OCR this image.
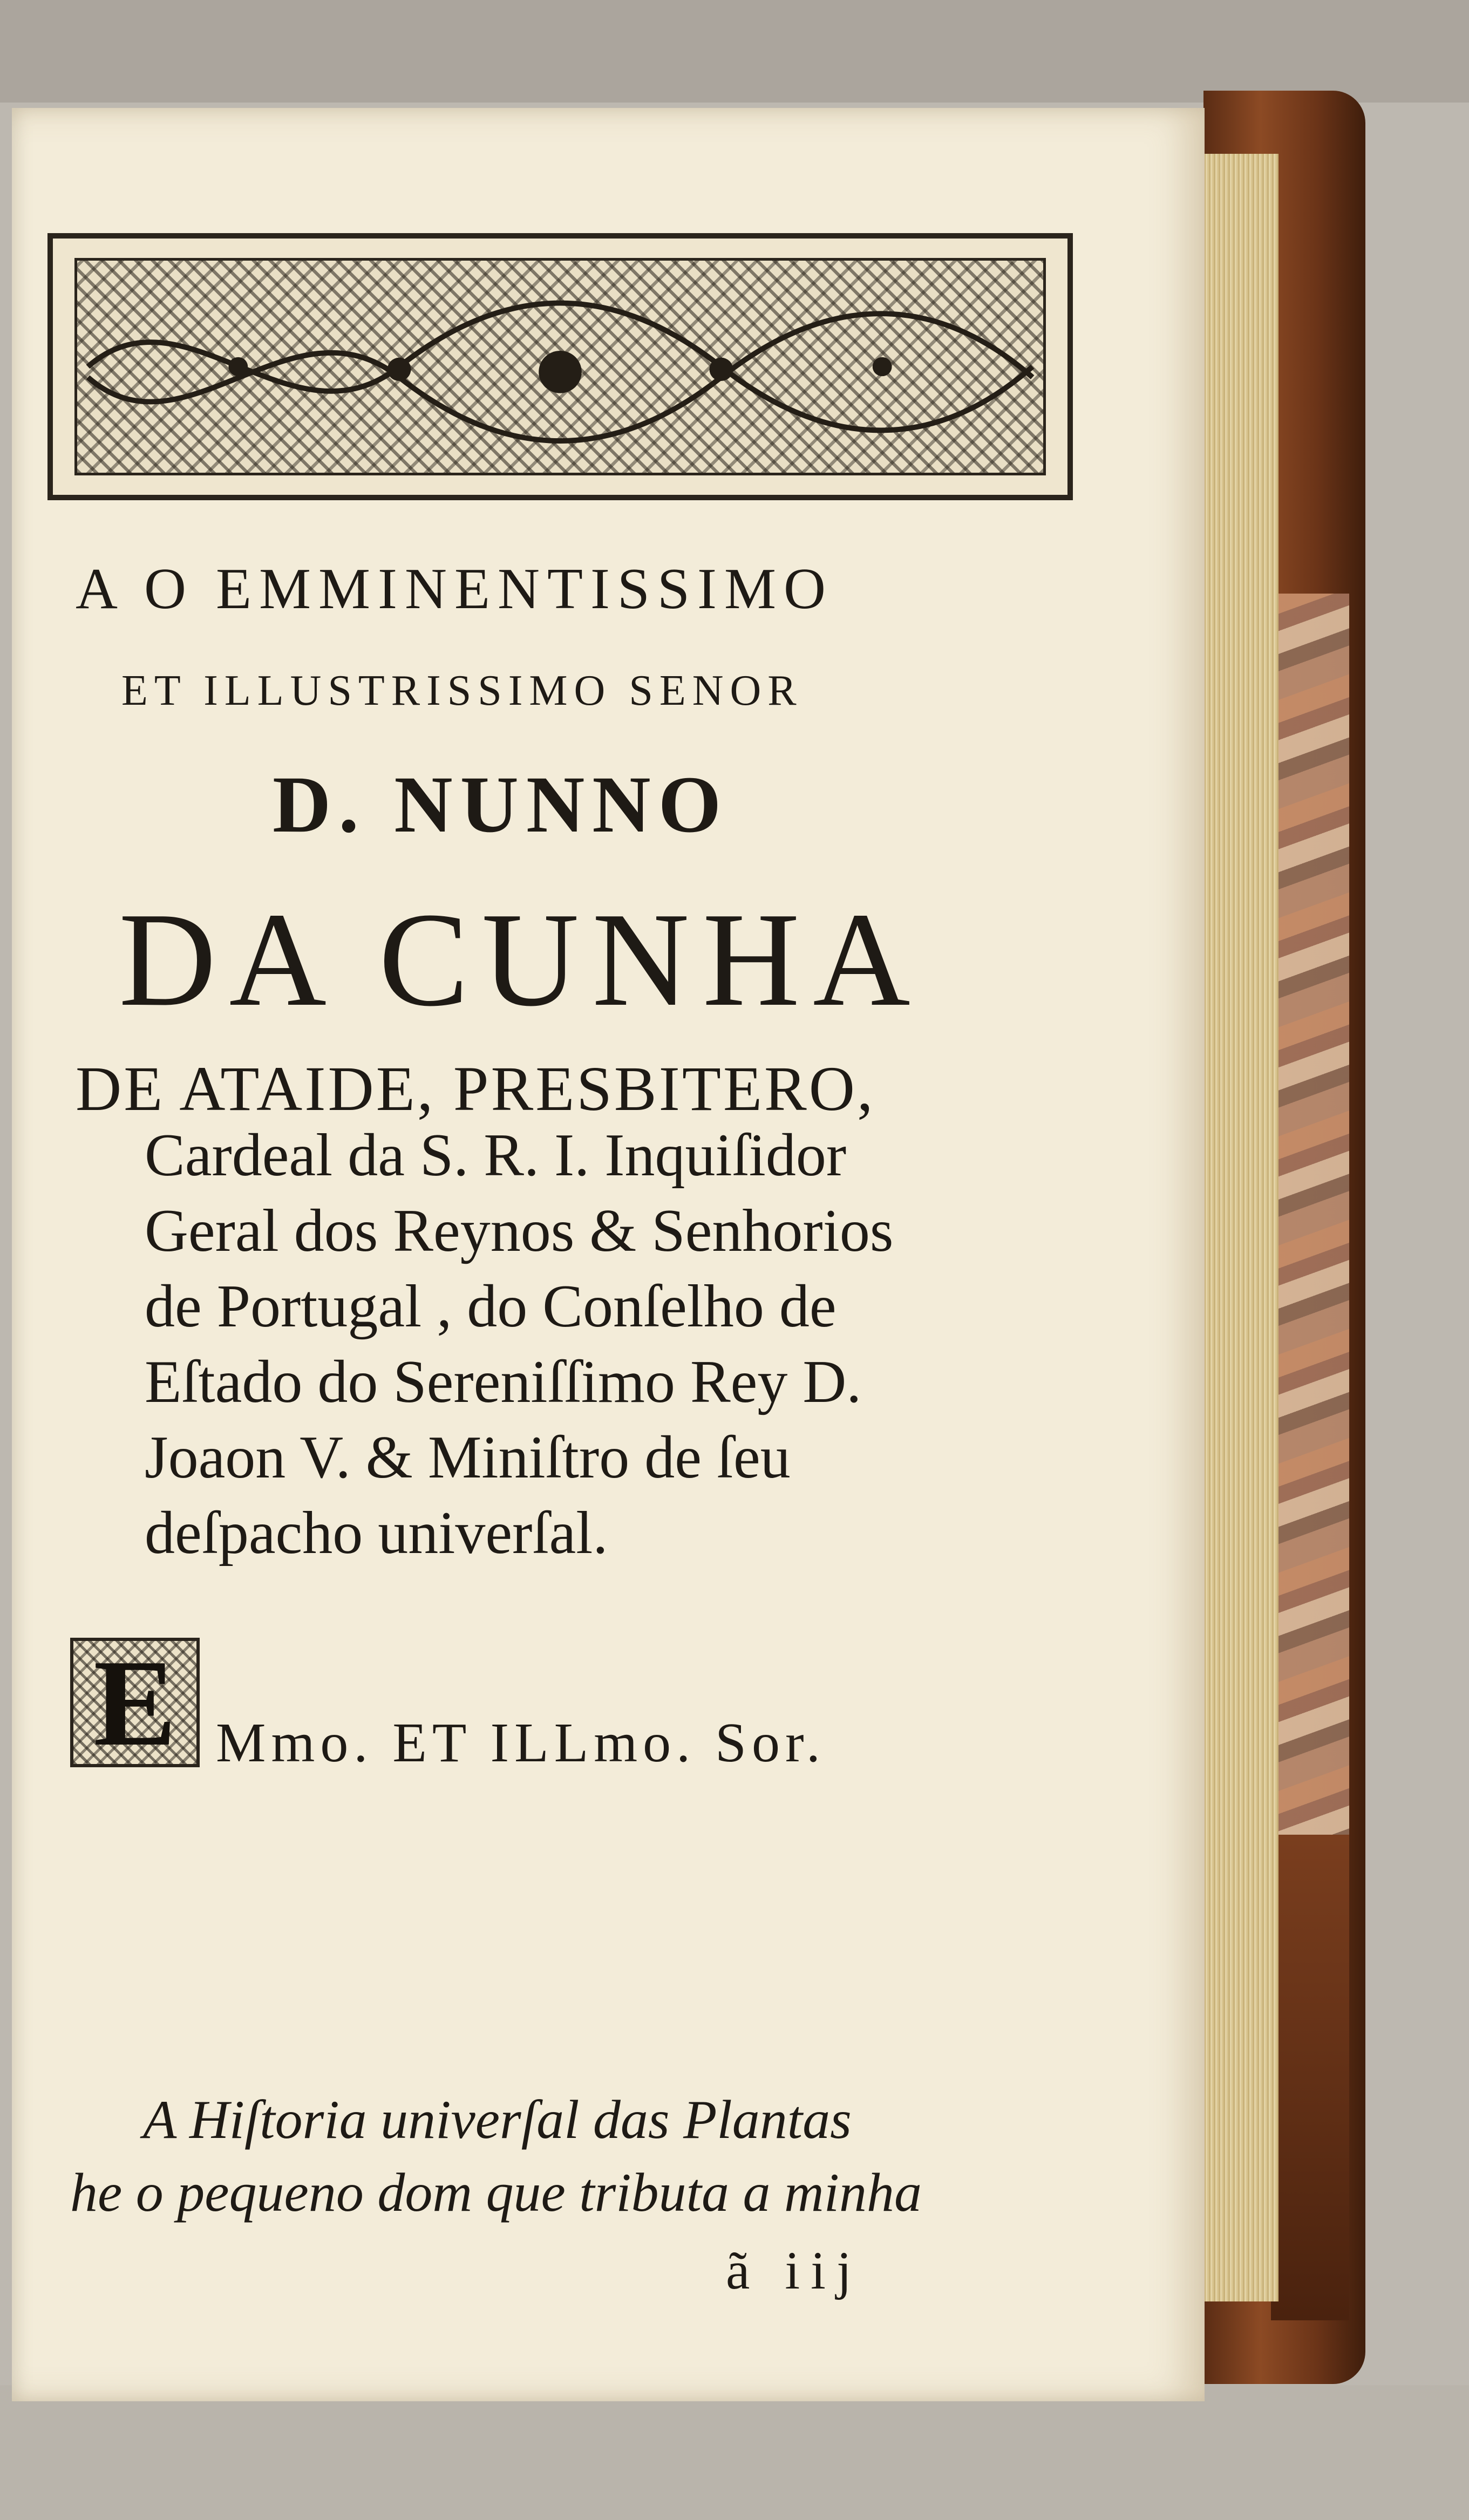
A O EMMINENTISSIMO

ET ILLUSTRISSIMO SENOR

D. NUNNO

DA CUNHA

DE ATAIDE, PRESBITERO,

Cardeal da S. R. I. Inquiſidor

Geral dos Reynos & Senhorios

de Portugal , do Conſelho de

Eſtado do Sereniſſimo Rey D.

Joaon V. & Miniſtro de ſeu

deſpacho univerſal.

E Mmo. ET ILLmo. Sor.

A Hiſtoria univerſal das Plantas

he o pequeno dom que tributa a minha

ã iij
